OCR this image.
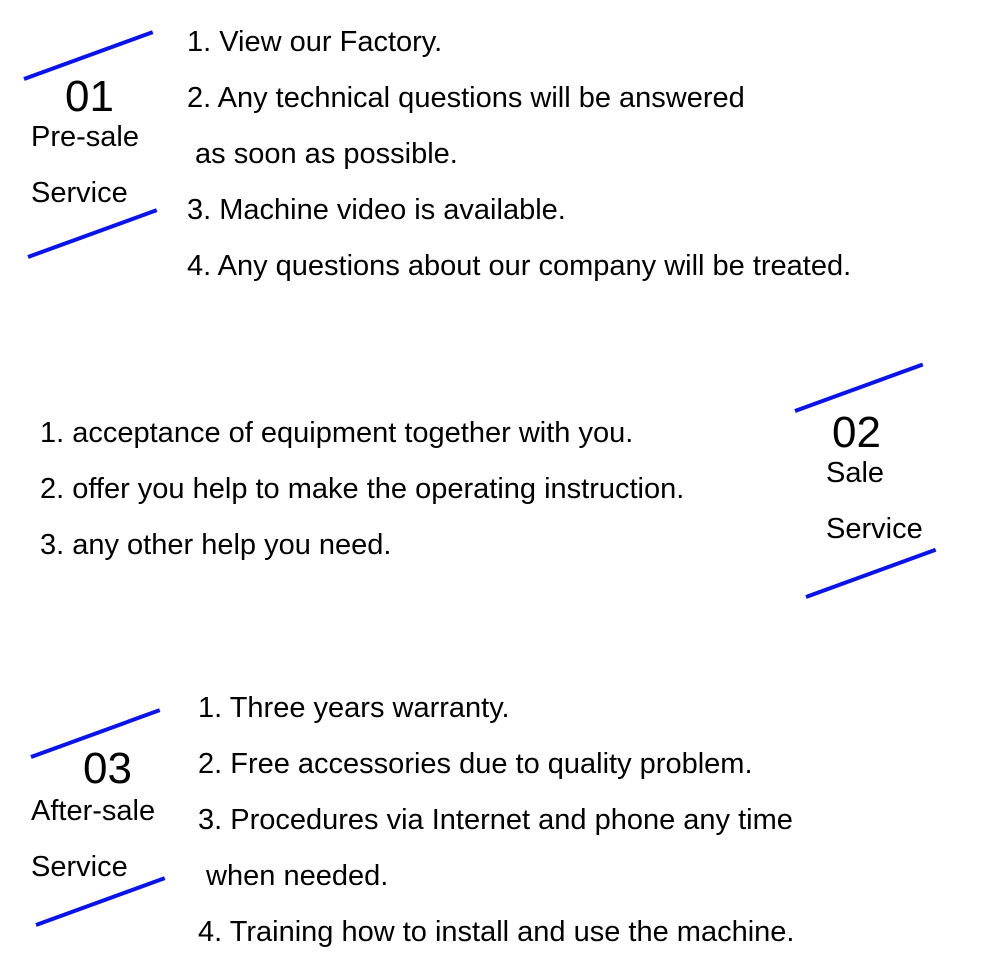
01
Pre-sale
Service
1. View our Factory.
2. Any technical questions will be answered
as soon as possible.
3. Machine video is available.
4. Any questions about our company will be treated.
1. acceptance of equipment together with you.
2. offer you help to make the operating instruction.
3. any other help you need.
02
Sale
Service
03
After-sale
Service
1. Three years warranty.
2. Free accessories due to quality problem.
3. Procedures via Internet and phone any time
when needed.
4. Training how to install and use the machine.
